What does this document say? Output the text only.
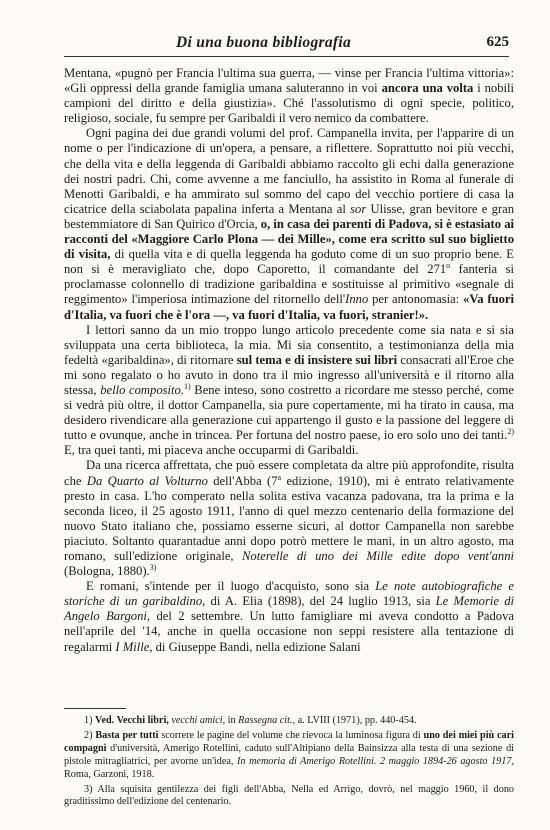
Di una buona bibliografia	625

Mentana, «pugnò per Francia l'ultima sua guerra, — vinse per Francia l'ultima vittoria»: «Gli oppressi della grande famiglia umana saluteranno in voi ancora una volta i nobili campioni del diritto e della giustizia». Ché l'assolutismo di ogni specie, politico, religioso, sociale, fu sempre per Garibaldi il vero nemico da combattere.

Ogni pagina dei due grandi volumi del prof. Campanella invita, per l'apparire di un nome o per l'indicazione di un'opera, a pensare, a riflettere. Soprattutto noi più vecchi, che della vita e della leggenda di Garibaldi abbiamo raccolto gli echi dalla generazione dei nostri padri. Chi, come avvenne a me fanciullo, ha assistito in Roma al funerale di Menotti Garibaldi, e ha ammirato sul sommo del capo del vecchio portiere di casa la cicatrice della sciabolata papalina inferta a Mentana al sor Ulisse, gran bevitore e gran bestemmiatore di San Quirico d'Orcia, o, in casa dei parenti di Padova, si è estasiato ai racconti del «Maggiore Carlo Plona — dei Mille», come era scritto sul suo biglietto di visita, di quella vita e di quella leggenda ha goduto come di un suo proprio bene. E non si è meravigliato che, dopo Caporetto, il comandante del 271$^o$ fanteria si proclamasse colonnello di tradizione garibaldina e sostituisse al primitivo «segnale di reggimento» l'imperiosa intimazione del ritornello dell'Inno per antonomasia: «Va fuori d'Italia, va fuori che è l'ora —, va fuori d'Italia, va fuori, stranier!».

I lettori sanno da un mio troppo lungo articolo precedente come sia nata e si sia sviluppata una certa biblioteca, la mia. Mi sia consentito, a testimonianza della mia fedeltà «garibaldina», di ritornare sul tema e di insistere sui libri consacrati all'Eroe che mi sono regalato o ho avuto in dono tra il mio ingresso all'università e il ritorno alla stessa, bello composito.$^{1)}$ Bene inteso, sono costretto a ricordare me stesso perché, come si vedrà più oltre, il dottor Campanella, sia pure copertamente, mi ha tirato in causa, ma desidero rivendicare alla generazione cui appartengo il gusto e la passione del leggere di tutto e ovunque, anche in trincea. Per fortuna del nostro paese, io ero solo uno dei tanti.$^{2)}$ E, tra quei tanti, mi piaceva anche occuparmi di Garibaldi.

Da una ricerca affrettata, che può essere completata da altre più approfondite, risulta che Da Quarto al Volturno dell'Abba (7$^a$ edizione, 1910), mi è entrato relativamente presto in casa. L'ho comperato nella solita estiva vacanza padovana, tra la prima e la seconda liceo, il 25 agosto 1911, l'anno di quel mezzo centenario della formazione del nuovo Stato italiano che, possiamo esserne sicuri, al dottor Campanella non sarebbe piaciuto. Soltanto quarantadue anni dopo potrò mettere le mani, in un altro agosto, ma romano, sull'edizione originale, Noterelle di uno dei Mille edite dopo vent'anni (Bologna, 1880).$^{3)}$

E romani, s'intende per il luogo d'acquisto, sono sia Le note autobiografiche e storiche di un garibaldino, di A. Elia (1898), del 24 luglio 1913, sia Le Memorie di Angelo Bargoni, del 2 settembre. Un lutto famigliare mi aveva condotto a Padova nell'aprile del '14, anche in quella occasione non seppi resistere alla tentazione di regalarmi I Mille, di Giuseppe Bandi, nella edizione Salani

1) Ved. Vecchi libri, vecchi amici, in Rassegna cit., a. LVIII (1971), pp. 440-454.

2) Basta per tutti scorrere le pagine del volume che rievoca la luminosa figura di uno dei miei più cari compagni d'università, Amerigo Rotellini, caduto sull'Altipiano della Bainsizza alla testa di una sezione di pistole mitragliatrici, per avorne un'idea, In memoria di Amerigo Rotellini. 2 maggio 1894-26 agosto 1917, Roma, Garzoni, 1918.

3) Alla squisita gentilezza dei figli dell'Abba, Nella ed Arrigo, dovrò, nel maggio 1960, il dono graditissimo dell'edizione del centenario.
